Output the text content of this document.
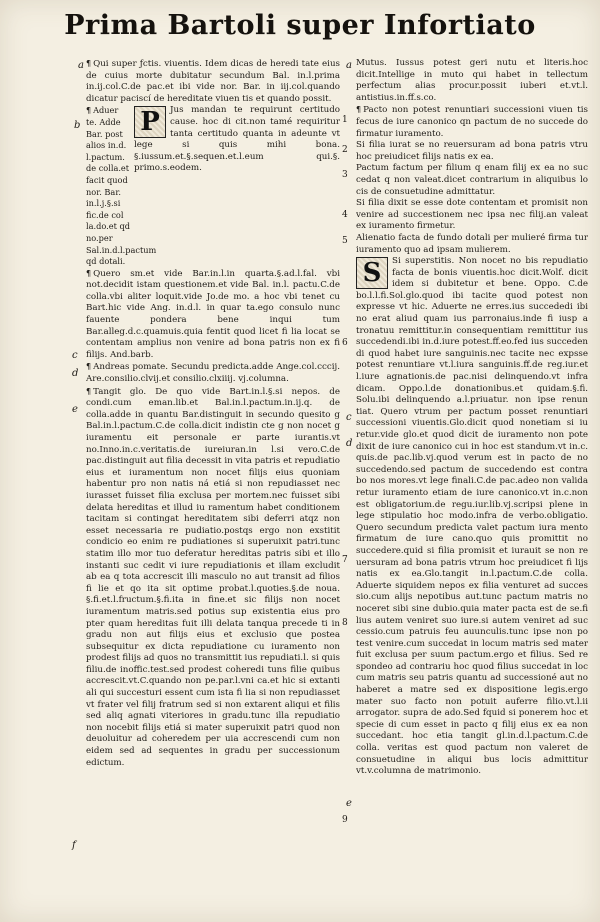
Prima Bartoli super Infortiato
a
b
c
d
e
f
a
c
d
e
1
2
3
4
5
6
7
8
9

¶ Qui super ƒctis. viuentis. Idem dicas de heredi tate eius de cuius morte dubitatur secundum Bal. in.l.prima in.ij.col.C.de pac.et ibi vide nor. Bar. in iij.col.quando dicatur paciscí de hereditate viuen tis et quando possit.

¶ Aduer te. Adde Bar. post alios in.d. l.pactum. de colla.et facit quod nor. Bar. in.l.j.§.si fic.de col la.do.et qd no.per Sal.in.d.l.pactum qd dotali.
P	Jus mandan te requirunt certitudo cause. hoc di cit.non tamé requiritur tanta certitudo quanta in adeunte vt lege si quis mihi bona. §.iussum.et.§.sequen.et.l.eum qui.§. primo.s.eodem.

¶ Quero sm.et vide Bar.in.l.in quarta.§.ad.l.fal. vbi not.decidit istam questionem.et vide Bal. in.l. pactu.C.de colla.vbi aliter loquit.vide Jo.de mo. a hoc vbi tenet cu Bart.hic vide Ang. in.d.l. in quar ta.ego consulo nunc fauente pondera bene inqui tum Bar.alleg.d.c.quamuis.quia fentit quod licet fi lia locat se contentam amplius non venire ad bona patris non ex fi filijs. And.barb.

¶ Andreas pomate. Secundu predicta.adde Ange.col.cccij. Are.consilio.clvij.et consilio.clxiiij. vj.columna.

¶ Tangit glo. De quo vide Bart.in.l.§.si nepos. de condi.cum eman.lib.et Bal.in.l.pactum.in.ij.q. de colla.adde in quantu Bar.distinguit in secundo quesito g Bal.in.l.pactum.C.de colla.dicit indistin cte g non nocet g iuramentu eit personale er parte iurantis.vt no.Inno.in.c.veritatis.de iureiuran.in l.si vero.C.de pac.distinguit aut filia decessit in vita patris et repudiatio eius et iuramentum non nocet filijs eius quoniam habentur pro non natis ná etiá si non repudiasset nec iurasset fuisset filia exclusa per mortem.nec fuisset sibi delata hereditas et illud iu ramentum habet conditionem tacitam si contingat hereditatem sibi deferri atqz non esset necessaria re pudiatio.postqs ergo non exstitit condicio eo enim re pudiationes si superuixit patri.tunc statim illo mor tuo deferatur hereditas patris sibi et illo instanti suc cedit vi iure repudiationis et illam excludit ab ea q tota accrescit illi masculo no aut transit ad filios fi lie et qo ita sit optime probat.l.quoties.§.de noua. §.fi.et.l.fructum.§.fi.ita in fine.et sic filijs non nocet iuramentum matris.sed potius sup existentia eius pro pter quam hereditas fuit illi delata tanqua precede ti in gradu non aut filijs eius et exclusio que postea subsequitur ex dicta repudiatione cu iuramento non prodest filijs ad quos no transmittit ius repudiati.l. si quis filiu.de inoffic.test.sed prodest coheredi tuns filie quibus accrescit.vt.C.quando non pe.par.l.vni ca.et hic si extanti ali qui succesturi essent cum ista fi lia si non repudiasset vt frater vel filij fratrum sed si non extarent aliqui et filis sed aliq agnati viteriores in gradu.tunc illa repudiatio non nocebit filijs etiá si mater superuixit patri quod non deuoluitur ad coheredem per uia accrescendi cum non eidem sed ad sequentes in gradu per successionum edictum.

Mutus. Iussus potest geri nutu et literis.hoc dicit.Intellige in muto qui habet in tellectum perfectum alias procur.possit iuberi et.vt.l. antistius.in.ff.s.co.

¶ Pacto non potest renuntiari successioni viuen tis fecus de iure canonico qn pactum de no succede do firmatur iuramento.

Si filia iurat se no reuersuram ad bona patris vtru hoc preiudicet filijs natis ex ea.

Pactum factum per filium q enam filij ex ea no suc cedat q non valeat.dicet contrarium in aliquibus lo cis de consuetudine admittatur.

Si filia dixit se esse dote contentam et promisit non venire ad succestionem nec ipsa nec filij.an valeat ex iuramento firmetur.

Alienatio facta de fundo dotali per mulieré firma tur iuramento quo ad ipsam mulierem.

S	Si superstitis. Non nocet no bis repudiatio facta de bonis viuentis.hoc dicit.Wolf. dicit idem si dubitetur et bene. Oppo. C.de bo.l.l.fi.Sol.glo.quod ibi tacite quod potest non expresse vt hic. Aduerte ne erres.ius succededi ibi no erat aliud quam ius parronaius.inde fi iusp a tronatuu remittitur.in consequentiam remittitur ius succedendi.ibi in.d.iure potest.ff.eo.fed ius succeden di quod habet iure sanguinis.nec tacite nec expsse potest renuntiare vt.l.iura sanguinis.ff.de reg.iur.et l.iure agnationis.de pac.nisi delinquendo.vt infra dicam. Oppo.l.de donationibus.et quidam.§.fi. Solu.ibi delinquendo a.l.priuatur. non ipse renun tiat. Quero vtrum per pactum posset renuntiari successioni viuentis.Glo.dicit quod nonetiam si iu retur.vide glo.et quod dicit de iuramento non pote dixit de iure canonico cui in hoc est standum.vt in.c. quis.de pac.lib.vj.quod verum est in pacto de no succedendo.sed pactum de succedendo est contra bo nos mores.vt lege finali.C.de pac.adeo non valida retur iuramento etiam de iure canonico.vt in.c.non est obligatorium.de regu.iur.lib.vj.scripsi plene in lege stipulatio hoc modo.infra de verbo.obligatio. Quero secundum predicta valet pactum iura mento firmatum de iure cano.quo quis promittit no succedere.quid si filia promisit et iurauit se non re uersuram ad bona patris vtrum hoc preiudicet fi lijs natis ex ea.Glo.tangit in.l.pactum.C.de colla. Aduerte siquidem nepos ex filia venturet ad succes sio.cum alijs nepotibus aut.tunc pactum matris no noceret sibi sine dubio.quia mater pacta est de se.fi lius autem veniret suo iure.si autem veniret ad suc cessio.cum patruis feu auunculis.tunc ipse non po test venire.cum succedat in locum matris sed mater fuit exclusa per suum pactum.ergo et filius. Sed re spondeo ad contrariu hoc quod filius succedat in loc cum matris seu patris quantu ad successioné aut no haberet a matre sed ex dispositione legis.ergo mater suo facto non potuit auferre filio.vt.l.ii arrogator. supra de ado.Sed fquid si ponerem hoc et specie di cum esset in pacto q filij eius ex ea non succedant. hoc etia tangit gl.in.d.l.pactum.C.de colla. veritas est quod pactum non valeret de consuetudine in aliqui bus locis admittitur vt.v.columna de matrimonio.
